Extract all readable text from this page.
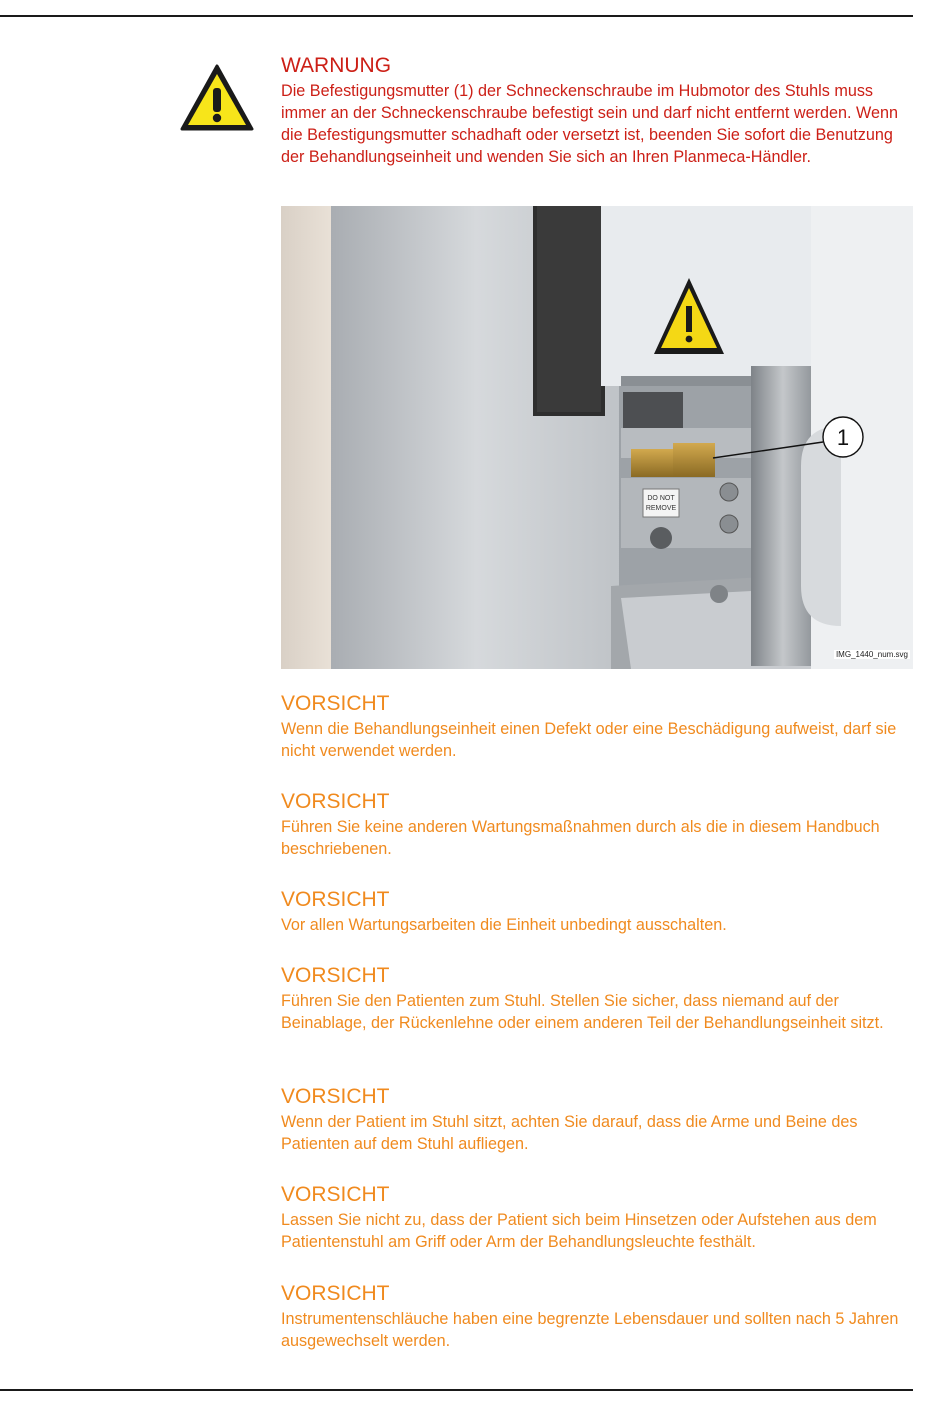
WARNUNG

Die Befestigungsmutter (1) der Schneckenschraube im Hubmotor des Stuhls muss immer an der Schneckenschraube befestigt sein und darf nicht entfernt werden. Wenn die Befestigungsmutter schadhaft oder versetzt ist, beenden Sie sofort die Benutzung der Behandlungseinheit und wenden Sie sich an Ihren Planmeca-Händler.

DO NOT
REMOVE
1
IMG_1440_num.svg
VORSICHT

Wenn die Behandlungseinheit einen Defekt oder eine Beschädigung aufweist, darf sie nicht verwendet werden.

VORSICHT

Führen Sie keine anderen Wartungsmaßnahmen durch als die in diesem Handbuch beschriebenen.

VORSICHT

Vor allen Wartungsarbeiten die Einheit unbedingt ausschalten.

VORSICHT

Führen Sie den Patienten zum Stuhl. Stellen Sie sicher, dass niemand auf der Beinablage, der Rückenlehne oder einem anderen Teil der Behandlungseinheit sitzt.

VORSICHT

Wenn der Patient im Stuhl sitzt, achten Sie darauf, dass die Arme und Beine des Patienten auf dem Stuhl aufliegen.

VORSICHT

Lassen Sie nicht zu, dass der Patient sich beim Hinsetzen oder Aufstehen aus dem Patientenstuhl am Griff oder Arm der Behandlungsleuchte festhält.

VORSICHT

Instrumentenschläuche haben eine begrenzte Lebensdauer und sollten nach 5 Jahren ausgewechselt werden.
